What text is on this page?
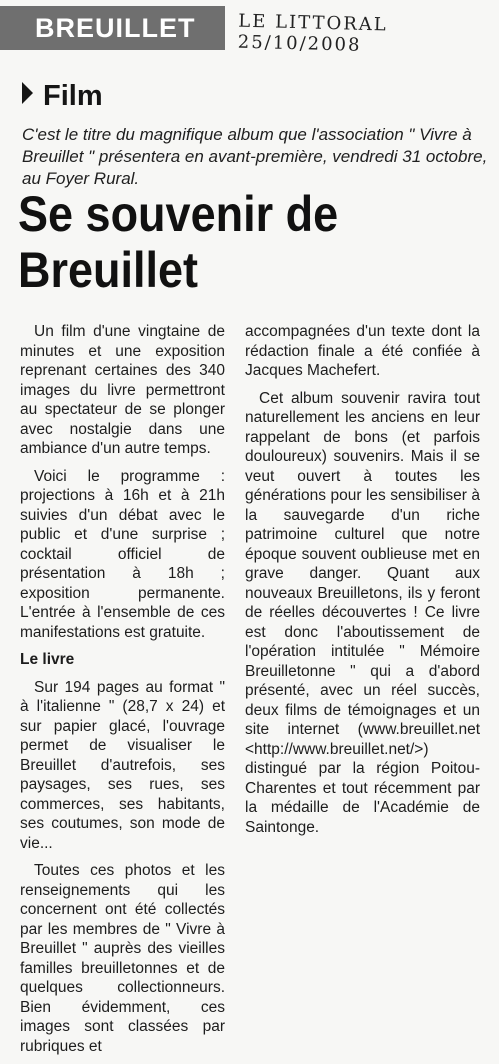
BREUILLET	LE LITTORAL 25/10/2008
Film
C'est le titre du magnifique album que l'association " Vivre à Breuillet " présentera en avant-première, vendredi 31 octobre, au Foyer Rural.
Se souvenir de Breuillet

Un film d'une vingtaine de minutes et une exposition reprenant certaines des 340 images du livre permettront au spectateur de se plonger avec nostalgie dans une ambiance d'un autre temps.

Voici le programme : projections à 16h et à 21h suivies d'un débat avec le public et d'une surprise ; cocktail officiel de présentation à 18h ; exposition permanente. L'entrée à l'ensemble de ces manifestations est gratuite.

Le livre

Sur 194 pages au format " à l'italienne " (28,7 x 24) et sur papier glacé, l'ouvrage permet de visualiser le Breuillet d'autrefois, ses paysages, ses rues, ses commerces, ses habitants, ses coutumes, son mode de vie...

Toutes ces photos et les renseignements qui les concernent ont été collectés par les membres de " Vivre à Breuillet " auprès des vieilles familles breuilletonnes et de quelques collectionneurs. Bien évidemment, ces images sont classées par rubriques et

accompagnées d'un texte dont la rédaction finale a été confiée à Jacques Machefert.

Cet album souvenir ravira tout naturellement les anciens en leur rappelant de bons (et parfois douloureux) souvenirs. Mais il se veut ouvert à toutes les générations pour les sensibiliser à la sauvegarde d'un riche patrimoine culturel que notre époque souvent oublieuse met en grave danger. Quant aux nouveaux Breuilletons, ils y feront de réelles découvertes ! Ce livre est donc l'aboutissement de l'opération intitulée " Mémoire Breuilletonne " qui a d'abord présenté, avec un réel succès, deux films de témoignages et un site internet (www.breuillet.net <http://www.breuillet.net/>) distingué par la région Poitou-Charentes et tout récemment par la médaille de l'Académie de Saintonge.
